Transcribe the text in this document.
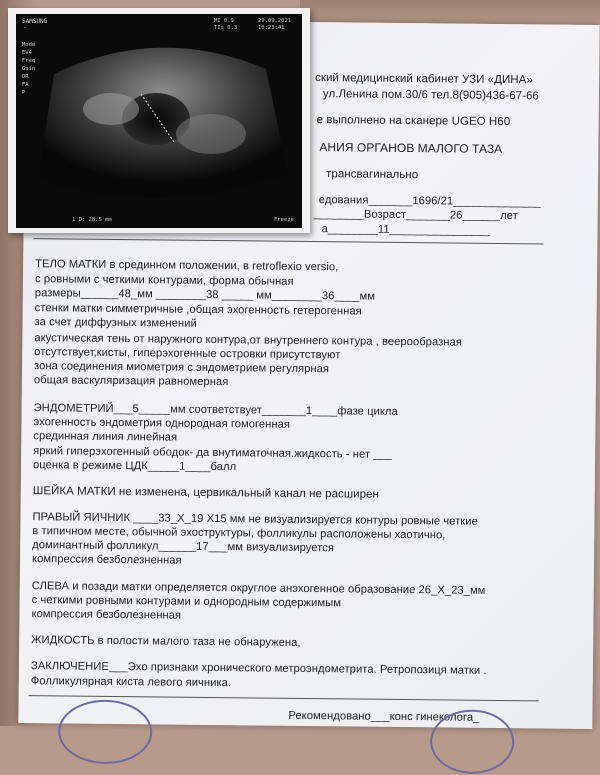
ский медицинский кабинет УЗИ «ДИНА»
ул.Ленина пом.30/6 тел.8(905)436-67-66
е выполнено на сканере UGEO H60
АНИЯ ОРГАНОВ МАЛОГО ТАЗА
трансвагинально
едования_______1696/21______________
________Возраст_______26______лет
а________11________________
ТЕЛО МАТКИ в срединном положении, в retroflexio versio,
с ровными с четкими контурами, форма обычная
размеры______48_мм ________38 _____ мм________36____мм
стенки матки симметричные ,общая эхогенность гетерогенная
за счет диффузных изменений
акустическая тень от наружного контура,от внутреннего контура , веерообразная
отсутствует,кисты, гиперэхогенные островки присутствуют
зона соединения миометрия с эндометрием регулярная
общая васкуляризация равномерная
ЭНДОМЕТРИЙ___5_____мм соответствует_______1____фазе цикла
эхогенность эндометрия однородная гомогенная
срединная линия линейная
яркий гиперэхогенный ободок- да внутиматочная.жидкость - нет ___
оценка в режиме ЦДК_____1____балл
ШЕЙКА МАТКИ не изменена, цервикальный канал не расширен
ПРАВЫЙ ЯИЧНИК ____33_Х_19 Х15 мм не визуализируется контуры ровные четкие
в типичном месте, обычной эхоструктуры, фолликулы расположены хаотично,
доминантный фолликул______17___мм визуализируется
компрессия безболезненная
СЛЕВА и позади матки определяется округлое анэхогенное образование 26_Х_23_мм
с четкими ровными контурами и однородным содержимым
компрессия безболезненная
ЖИДКОСТЬ в полости малого таза не обнаружена,
ЗАКЛЮЧЕНИЕ___Эхо признаки хронического метроэндометрита. Ретропозиця матки .
Фолликулярная киста левого яичника.
Рекомендовано___конс гинеколога_
·
SAMSUNG	MI 0.9
TIs 0.3
29.09.2021
10:23:41
Mode
EV4
Freq
Gain
DR
FA
P
1 D: 28.5 mm	Freeze
